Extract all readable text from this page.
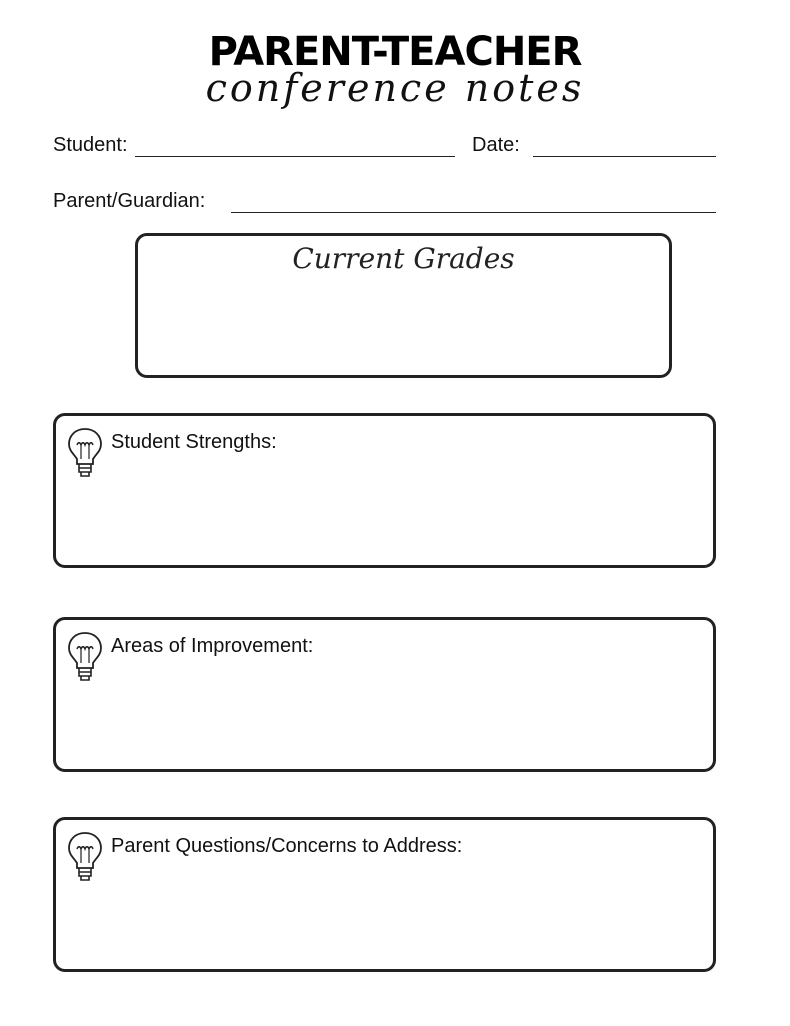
PARENT-TEACHER
conference notes
Student:	Date:
Parent/Guardian:
Current Grades
Student Strengths:
Areas of Improvement:
Parent Questions/Concerns to Address:
